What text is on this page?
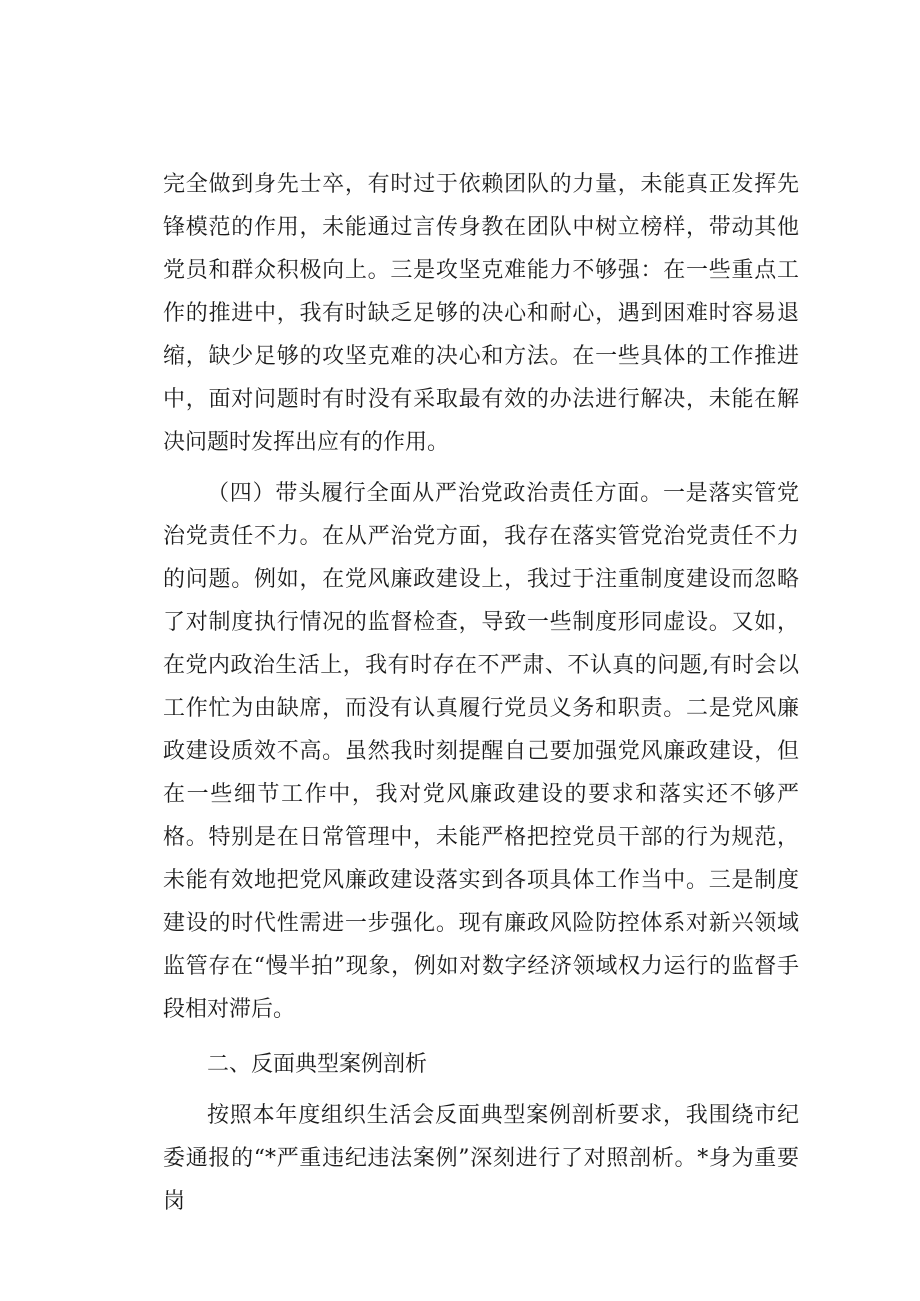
完全做到身先士卒，有时过于依赖团队的力量，未能真正发挥先锋模范的作用，未能通过言传身教在团队中树立榜样，带动其他党员和群众积极向上。三是攻坚克难能力不够强：在一些重点工作的推进中，我有时缺乏足够的决心和耐心，遇到困难时容易退缩，缺少足够的攻坚克难的决心和方法。在一些具体的工作推进中，面对问题时有时没有采取最有效的办法进行解决，未能在解决问题时发挥出应有的作用。

（四）带头履行全面从严治党政治责任方面。一是落实管党治党责任不力。在从严治党方面，我存在落实管党治党责任不力的问题。例如，在党风廉政建设上，我过于注重制度建设而忽略了对制度执行情况的监督检查，导致一些制度形同虚设。又如，在党内政治生活上，我有时存在不严肃、不认真的问题,有时会以工作忙为由缺席，而没有认真履行党员义务和职责。二是党风廉政建设质效不高。虽然我时刻提醒自己要加强党风廉政建设，但在一些细节工作中，我对党风廉政建设的要求和落实还不够严格。特别是在日常管理中，未能严格把控党员干部的行为规范，未能有效地把党风廉政建设落实到各项具体工作当中。三是制度建设的时代性需进一步强化。现有廉政风险防控体系对新兴领域监管存在“慢半拍”现象，例如对数字经济领域权力运行的监督手段相对滞后。

二、反面典型案例剖析

按照本年度组织生活会反面典型案例剖析要求，我围绕市纪委通报的“*严重违纪违法案例”深刻进行了对照剖析。*身为重要岗
